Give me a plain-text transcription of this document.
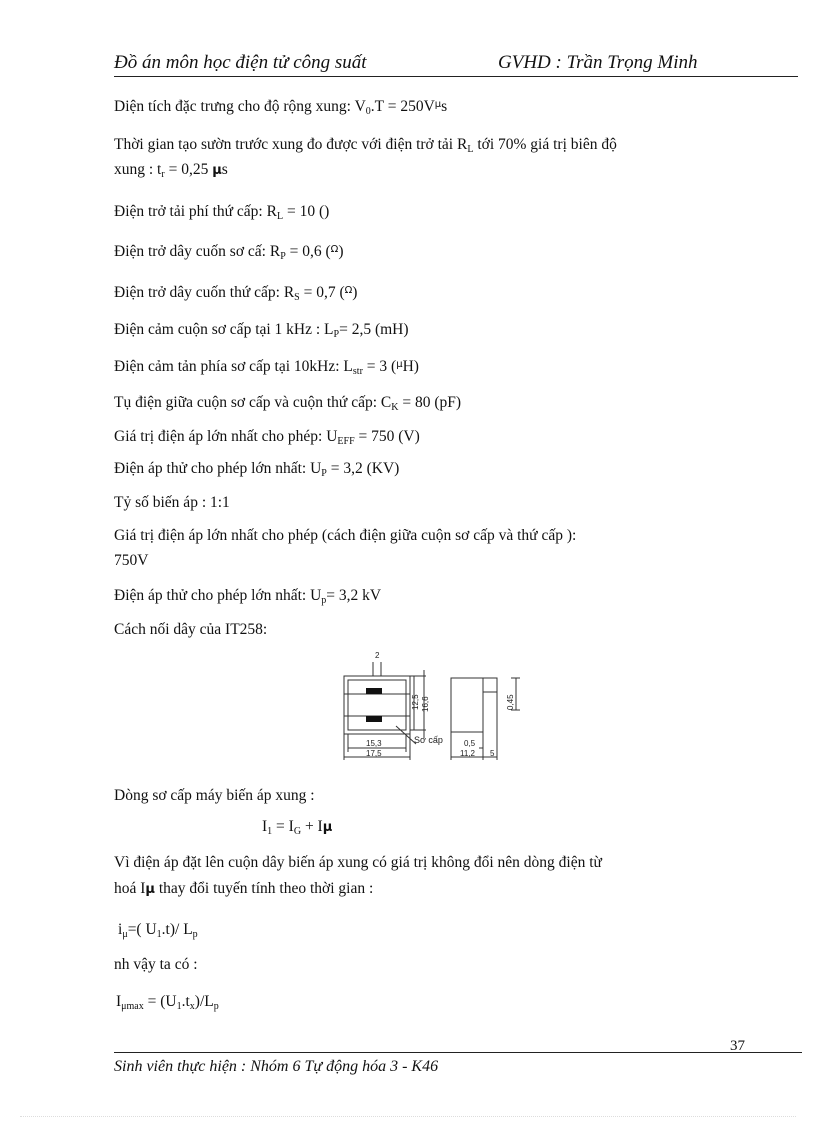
Đồ án môn học điện tử công suất	GVHD : Trần Trọng Minh
Diện tích đặc trưng cho độ rộng xung: $V_0.T = 250V^\mu s$
Thời gian tạo sườn trước xung đo được với điện trở tải $R_L$ tới 70% giá trị biên độ
xung : $t_r = 0,25$ μs
Điện trở tải phí thứ cấp: $R_L = 10$ ()
Điện trở dây cuốn sơ cấ: $R_P = 0,6$ ($^\Omega$)
Điện trở dây cuốn thứ cấp: $R_S = 0,7$ ($^\Omega$)
Điện cảm cuộn sơ cấp tại 1 kHz : $L_P= 2,5$ (mH)
Điện cảm tản phía sơ cấp tại 10kHz: $L_{str} = 3$ ($^\mu$H)
Tụ điện giữa cuộn sơ cấp và cuộn thứ cấp: $C_K = 80$ (pF)
Giá trị điện áp lớn nhất cho phép: $U_{EFF} = 750$ (V)
Điện áp thử cho phép lớn nhất: $U_P = 3,2$ (KV)
Tỷ số biến áp : 1:1
Giá trị điện áp lớn nhất cho phép (cách điện giữa cuộn sơ cấp và thứ cấp ):
750V
Điện áp thử cho phép lớn nhất: $U_p= 3,2$ kV
Cách nối dây của IT258:
2
12,5 16,6
15,3
17,5
Sơ cấp	0,5
11,2 5
0,45
Dòng sơ cấp máy biến áp xung :
$I_1 = I_G + I\mu$
Vì điện áp đặt lên cuộn dây biến áp xung có giá trị không đổi nên dòng điện từ
hoá Iμ thay đổi tuyến tính theo thời gian :
$i_\mu=$( $U_1.t)/$ $L_p$
nh vậy ta có :
$I_{\mu max} = (U_1.t_x)/L_p$
37
Sinh viên thực hiện : Nhóm 6 Tự động hóa 3 - K46
